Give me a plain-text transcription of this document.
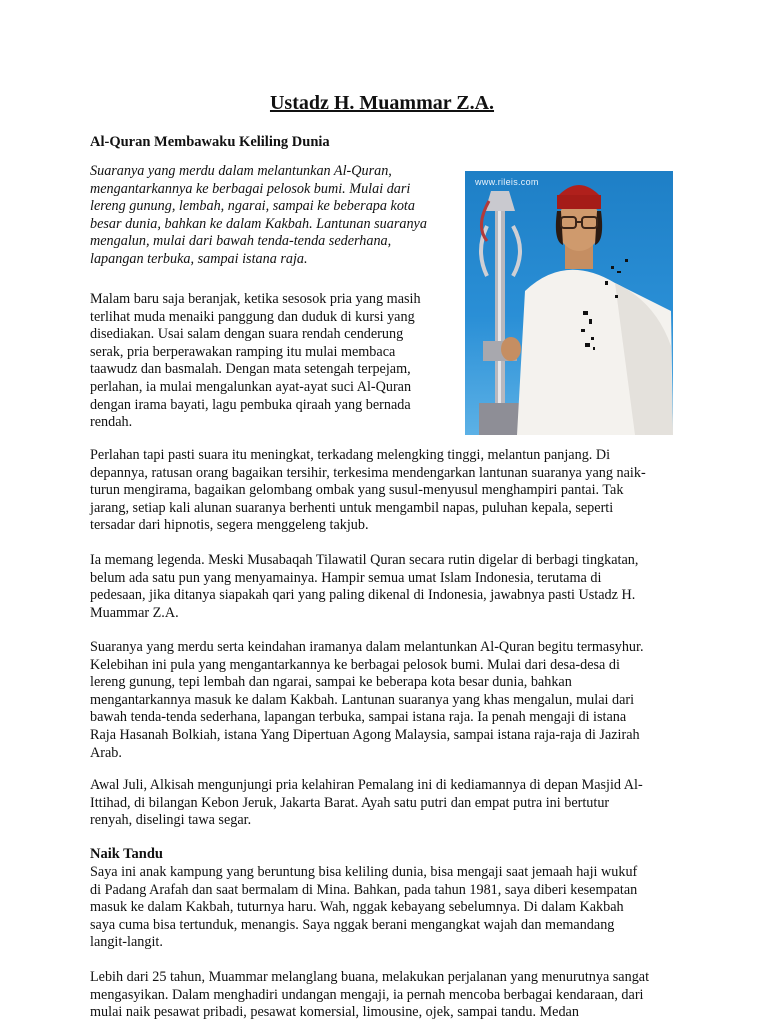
Ustadz H. Muammar Z.A.
Al-Quran Membawaku Keliling Dunia

Suaranya yang merdu dalam melantunkan Al-Quran,
mengantarkannya ke berbagai pelosok bumi. Mulai dari
lereng gunung, lembah, ngarai, sampai ke beberapa kota
besar dunia, bahkan ke dalam Kakbah. Lantunan suaranya
mengalun, mulai dari bawah tenda-tenda sederhana,
lapangan terbuka, sampai istana raja.

Malam baru saja beranjak, ketika sesosok pria yang masih
terlihat muda menaiki panggung dan duduk di kursi yang
disediakan. Usai salam dengan suara rendah cenderung
serak, pria berperawakan ramping itu mulai membaca
taawudz dan basmalah. Dengan mata setengah terpejam,
perlahan, ia mulai mengalunkan ayat-ayat suci Al-Quran
dengan irama bayati, lagu pembuka qiraah yang bernada
rendah.

Perlahan tapi pasti suara itu meningkat, terkadang melengking tinggi, melantun panjang. Di
depannya, ratusan orang bagaikan tersihir, terkesima mendengarkan lantunan suaranya yang naik-
turun mengirama, bagaikan gelombang ombak yang susul-menyusul menghampiri pantai. Tak
jarang, setiap kali alunan suaranya berhenti untuk mengambil napas, puluhan kepala, seperti
tersadar dari hipnotis, segera menggeleng takjub.

Ia memang legenda. Meski Musabaqah Tilawatil Quran secara rutin digelar di berbagi tingkatan,
belum ada satu pun yang menyamainya. Hampir semua umat Islam Indonesia, terutama di
pedesaan, jika ditanya siapakah qari yang paling dikenal di Indonesia, jawabnya pasti Ustadz H.
Muammar Z.A.

Suaranya yang merdu serta keindahan iramanya dalam melantunkan Al-Quran begitu termasyhur.
Kelebihan ini pula yang mengantarkannya ke berbagai pelosok bumi. Mulai dari desa-desa di
lereng gunung, tepi lembah dan ngarai, sampai ke beberapa kota besar dunia, bahkan
mengantarkannya masuk ke dalam Kakbah. Lantunan suaranya yang khas mengalun, mulai dari
bawah tenda-tenda sederhana, lapangan terbuka, sampai istana raja. Ia penah mengaji di istana
Raja Hasanah Bolkiah, istana Yang Dipertuan Agong Malaysia, sampai istana raja-raja di Jazirah
Arab.

Awal Juli, Alkisah mengunjungi pria kelahiran Pemalang ini di kediamannya di depan Masjid Al-
Ittihad, di bilangan Kebon Jeruk, Jakarta Barat. Ayah satu putri dan empat putra ini bertutur
renyah, diselingi tawa segar.

Naik Tandu

Saya ini anak kampung yang beruntung bisa keliling dunia, bisa mengaji saat jemaah haji wukuf
di Padang Arafah dan saat bermalam di Mina. Bahkan, pada tahun 1981, saya diberi kesempatan
masuk ke dalam Kakbah, tuturnya haru. Wah, nggak kebayang sebelumnya. Di dalam Kakbah
saya cuma bisa tertunduk, menangis. Saya nggak berani mengangkat wajah dan memandang
langit-langit.

Lebih dari 25 tahun, Muammar melanglang buana, melakukan perjalanan yang menurutnya sangat
mengasyikan. Dalam menghadiri undangan mengaji, ia pernah mencoba berbagai kendaraan, dari
mulai naik pesawat pribadi, pesawat komersial, limousine, ojek, sampai tandu. Medan

www.rileis.com
